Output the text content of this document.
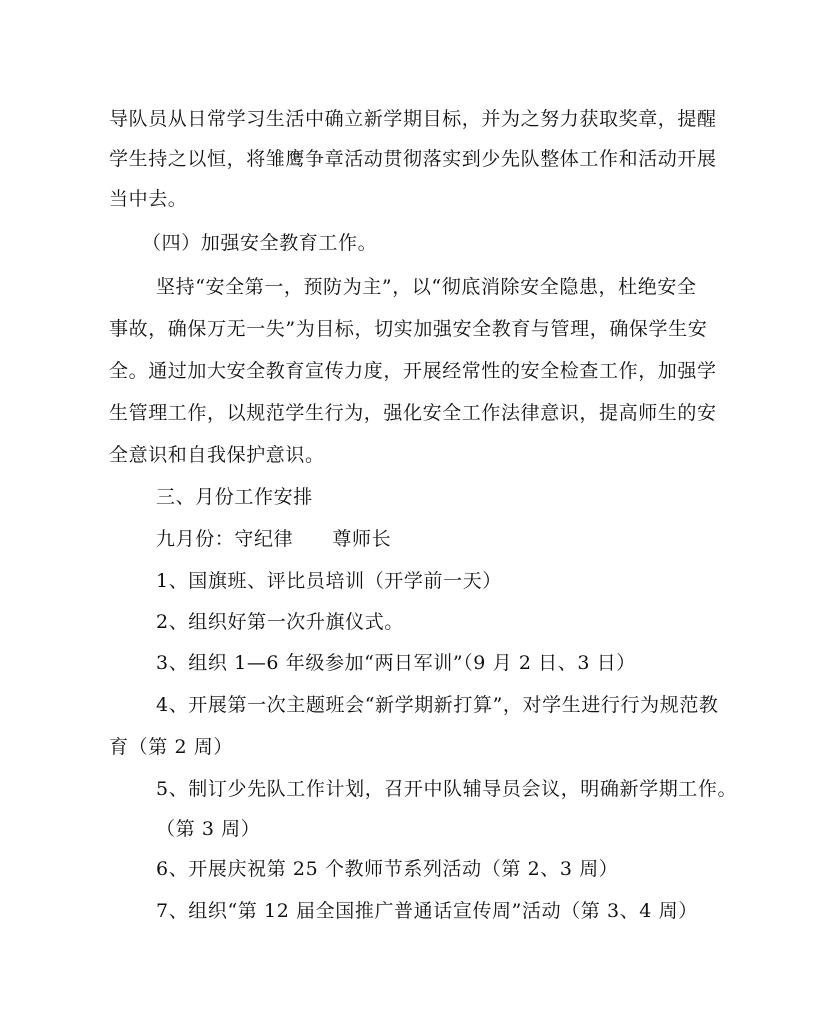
导队员从日常学习生活中确立新学期目标，并为之努力获取奖章，提醒
学生持之以恒，将雏鹰争章活动贯彻落实到少先队整体工作和活动开展
当中去。
（四）加强安全教育工作。
坚持“安全第一，预防为主”，以“彻底消除安全隐患，杜绝安全
事故，确保万无一失”为目标，切实加强安全教育与管理，确保学生安
全。通过加大安全教育宣传力度，开展经常性的安全检查工作，加强学
生管理工作，以规范学生行为，强化安全工作法律意识，提高师生的安
全意识和自我保护意识。
三、月份工作安排
九月份：守纪律　　尊师长
1、国旗班、评比员培训（开学前一天）
2、组织好第一次升旗仪式。
3、组织 1—6 年级参加“两日军训”（9 月 2 日、3 日）
4、开展第一次主题班会“新学期新打算”，对学生进行行为规范教
育（第 2 周）
5、制订少先队工作计划，召开中队辅导员会议，明确新学期工作。
（第 3 周）
6、开展庆祝第 25 个教师节系列活动（第 2、3 周）
7、组织“第 12 届全国推广普通话宣传周”活动（第 3、4 周）
